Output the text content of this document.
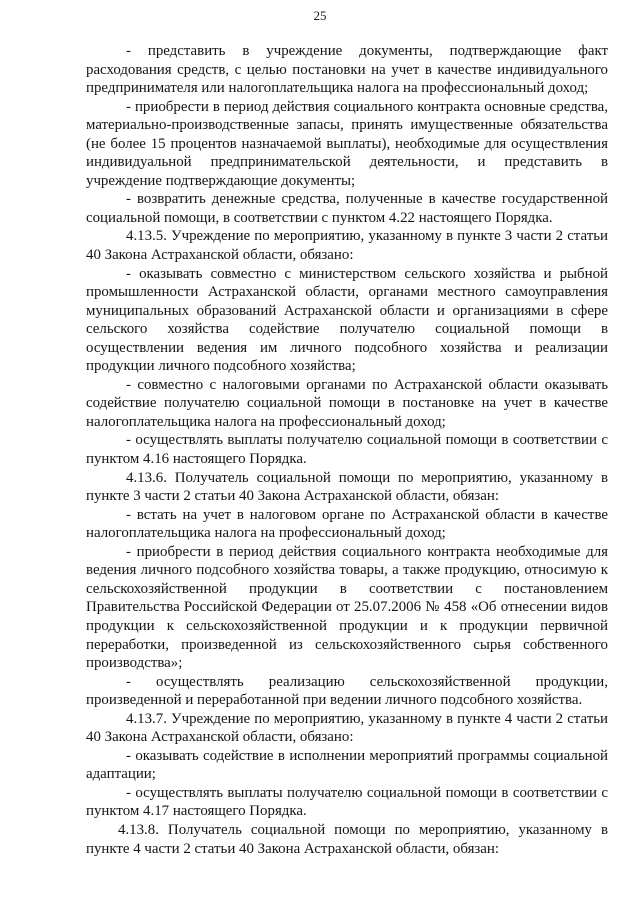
25

- представить в учреждение документы, подтверждающие факт расходования средств, с целью постановки на учет в качестве индивидуального предпринимателя или налогоплательщика налога на профессиональный доход;

- приобрести в период действия социального контракта основные средства, материально-производственные запасы, принять имущественные обязательства (не более 15 процентов назначаемой выплаты), необходимые для осуществления индивидуальной предпринимательской деятельности, и представить в учреждение подтверждающие документы;

- возвратить денежные средства, полученные в качестве государственной социальной помощи, в соответствии с пунктом 4.22 настоящего Порядка.

4.13.5. Учреждение по мероприятию, указанному в пункте 3 части 2 статьи 40 Закона Астраханской области, обязано:

- оказывать совместно с министерством сельского хозяйства и рыбной промышленности Астраханской области, органами местного самоуправления муниципальных образований Астраханской области и организациями в сфере сельского хозяйства содействие получателю социальной помощи в осуществлении ведения им личного подсобного хозяйства и реализации продукции личного подсобного хозяйства;

- совместно с налоговыми органами по Астраханской области оказывать содействие получателю социальной помощи в постановке на учет в качестве налогоплательщика налога на профессиональный доход;

- осуществлять выплаты получателю социальной помощи в соответствии с пунктом 4.16 настоящего Порядка.

4.13.6. Получатель социальной помощи по мероприятию, указанному в пункте 3 части 2 статьи 40 Закона Астраханской области, обязан:

- встать на учет в налоговом органе по Астраханской области в качестве налогоплательщика налога на профессиональный доход;

- приобрести в период действия социального контракта необходимые для ведения личного подсобного хозяйства товары, а также продукцию, относимую к сельскохозяйственной продукции в соответствии с постановлением Правительства Российской Федерации от 25.07.2006 № 458 «Об отнесении видов продукции к сельскохозяйственной продукции и к продукции первичной переработки, произведенной из сельскохозяйственного сырья собственного производства»;

- осуществлять реализацию сельскохозяйственной продукции, произведенной и переработанной при ведении личного подсобного хозяйства.

4.13.7. Учреждение по мероприятию, указанному в пункте 4 части 2 статьи 40 Закона Астраханской области, обязано:

- оказывать содействие в исполнении мероприятий программы социальной адаптации;

- осуществлять выплаты получателю социальной помощи в соответствии с пунктом 4.17 настоящего Порядка.

4.13.8. Получатель социальной помощи по мероприятию, указанному в пункте 4 части 2 статьи 40 Закона Астраханской области, обязан:
